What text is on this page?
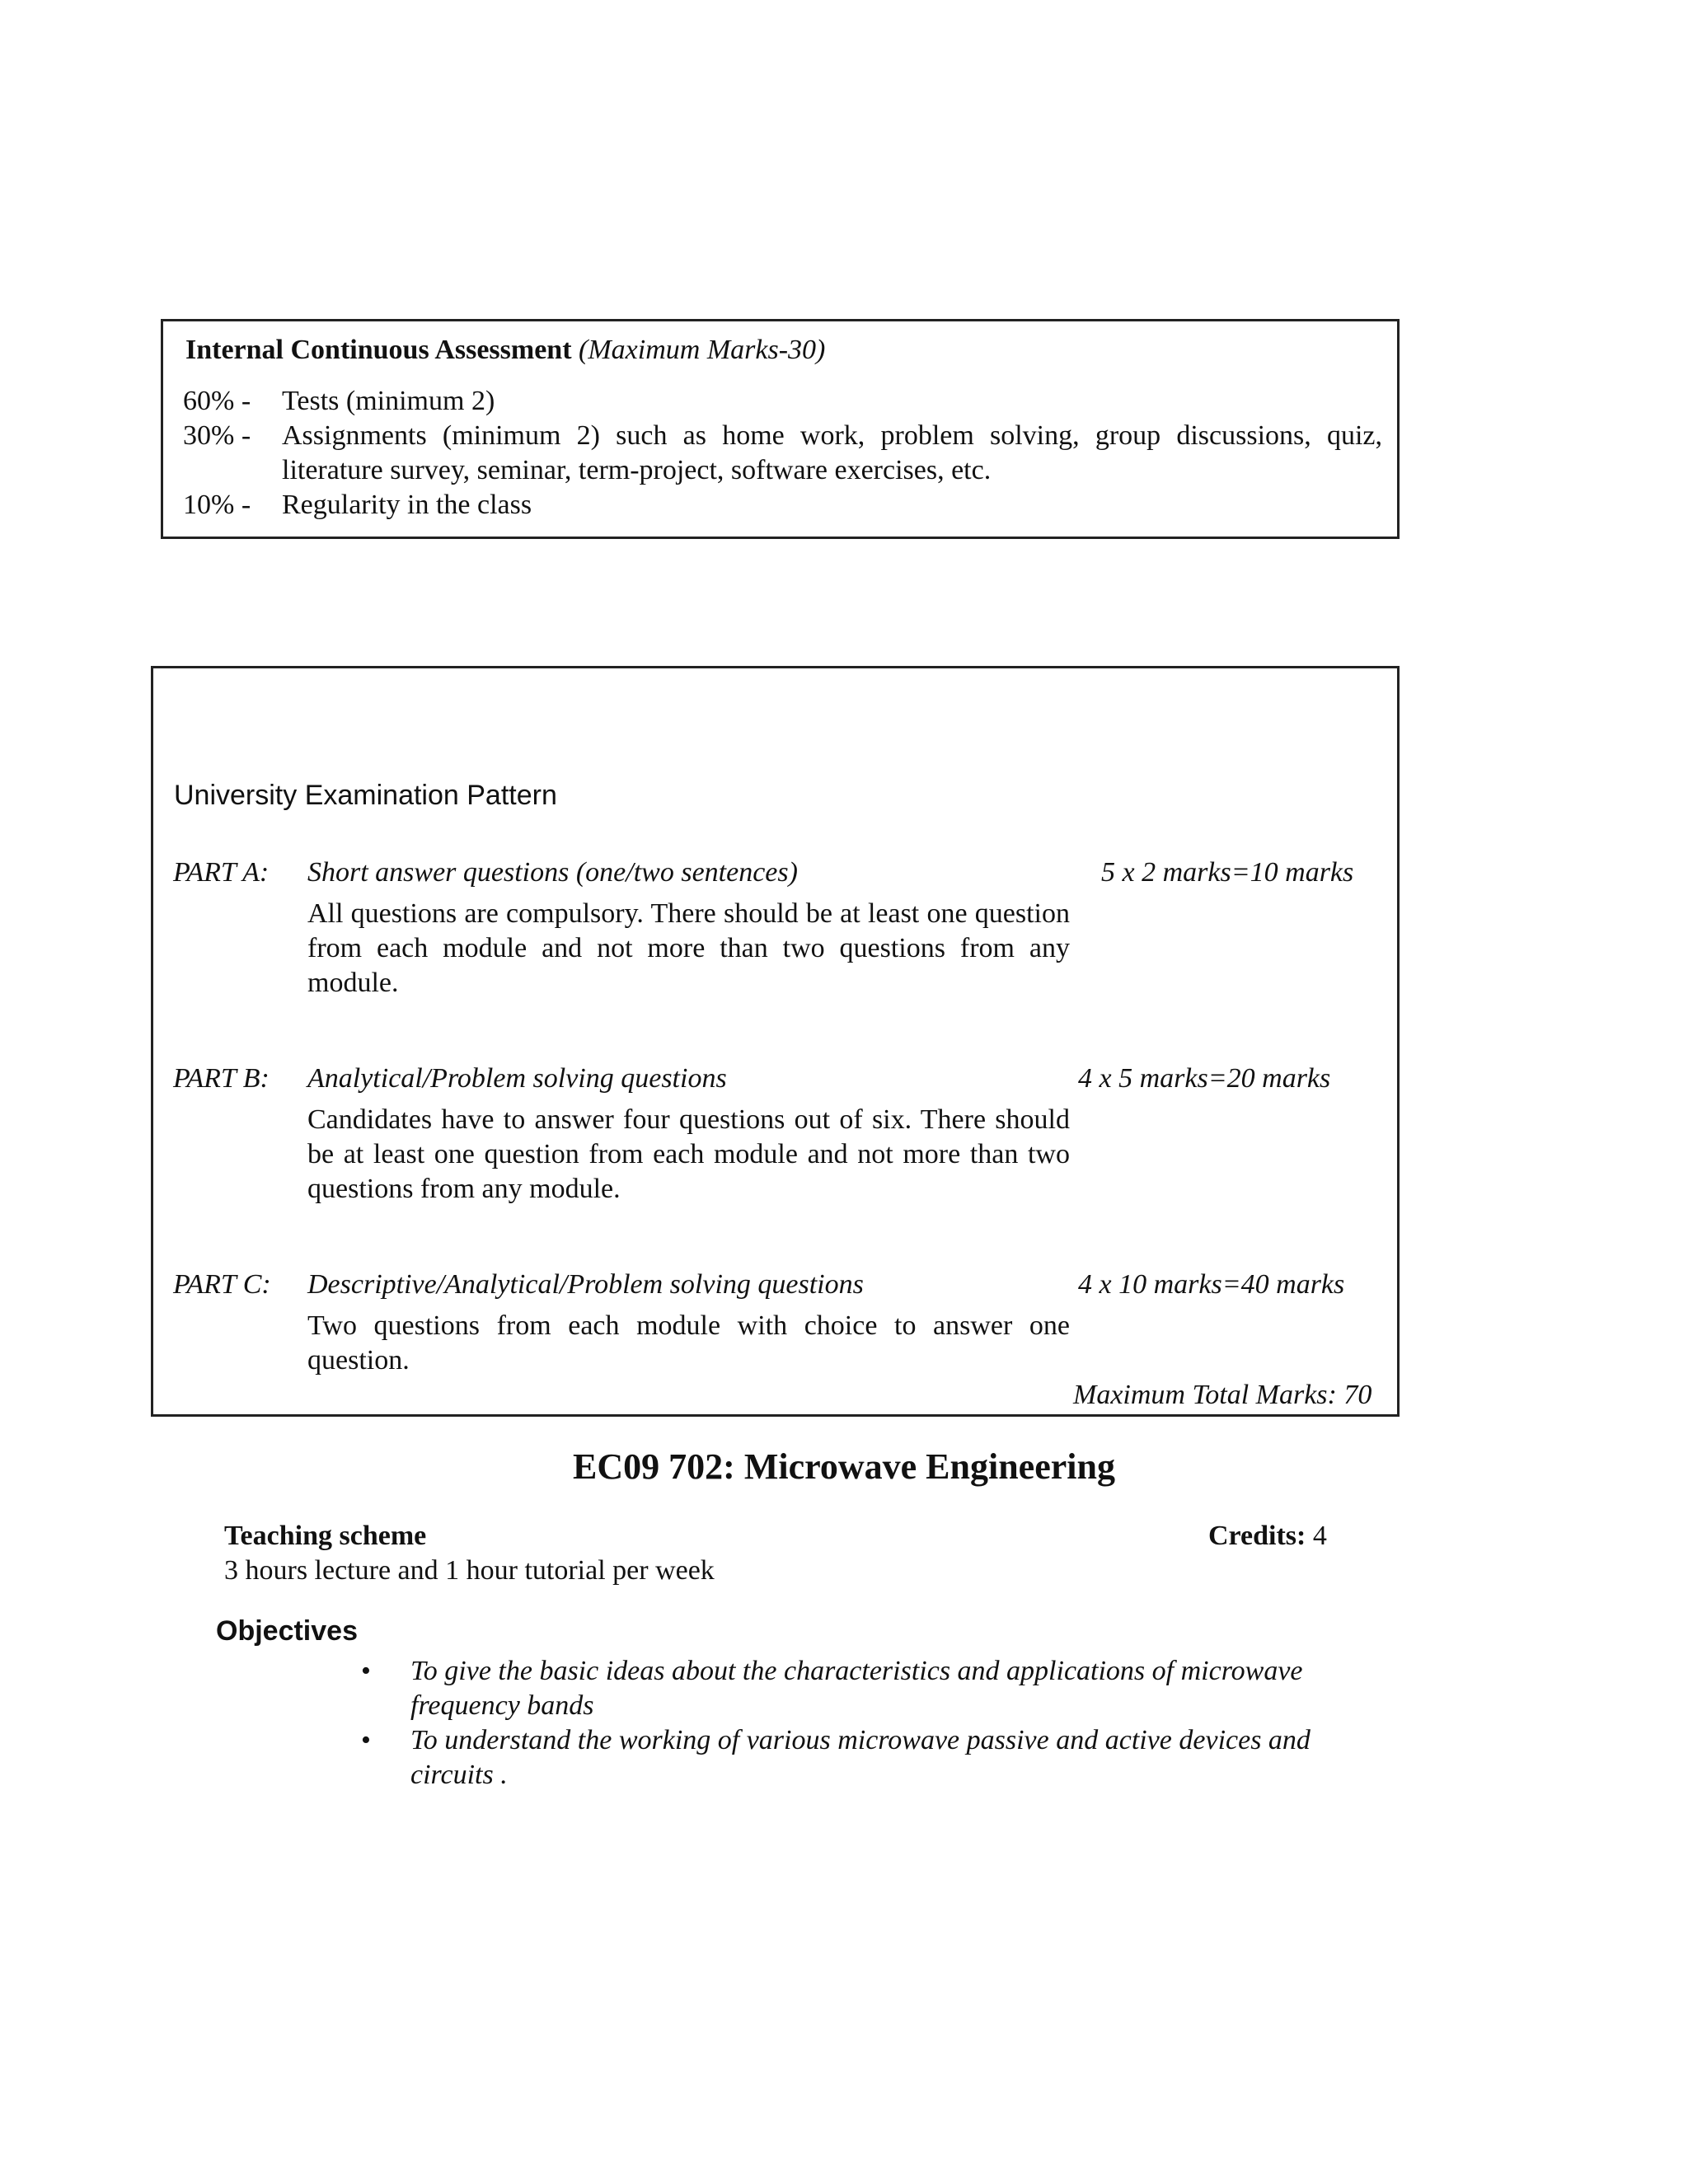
Internal Continuous Assessment (Maximum Marks-30)
60% - Tests (minimum 2)
30% - Assignments (minimum 2) such as home work, problem solving, group discussions, quiz, literature survey, seminar, term-project, software exercises, etc.
10% - Regularity in the class
University Examination Pattern
PART A: Short answer questions (one/two sentences)	5 x 2 marks=10 marks
All questions are compulsory. There should be at least one question from each module and not more than two questions from any module.
PART B: Analytical/Problem solving questions	4 x 5 marks=20 marks
Candidates have to answer four questions out of six. There should be at least one question from each module and not more than two questions from any module.
PART C: Descriptive/Analytical/Problem solving questions	4 x 10 marks=40 marks
Two questions from each module with choice to answer one question.
Maximum Total Marks: 70
EC09 702: Microwave Engineering
Teaching scheme	Credits: 4
3 hours lecture and 1 hour tutorial per week
Objectives
• To give the basic ideas about the characteristics and applications of microwave frequency bands
• To understand the working of various microwave passive and active devices and circuits .
